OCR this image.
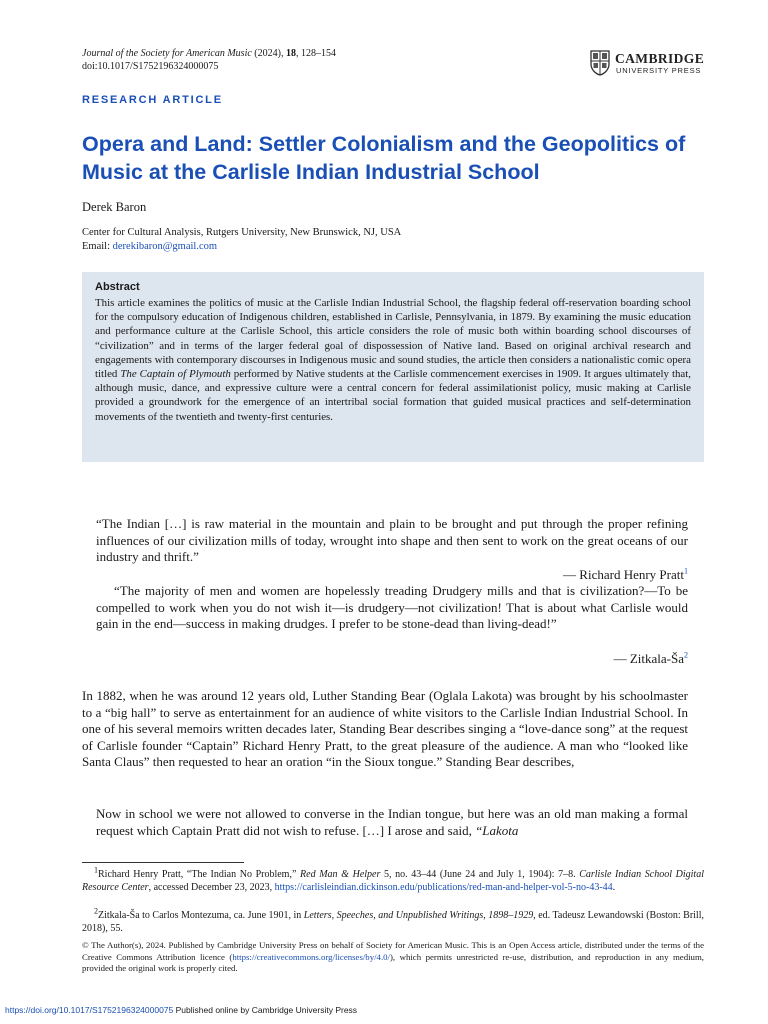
Journal of the Society for American Music (2024), 18, 128–154
doi:10.1017/S1752196324000075
CAMBRIDGE
UNIVERSITY PRESS
RESEARCH ARTICLE
Opera and Land: Settler Colonialism and the Geopolitics of Music at the Carlisle Indian Industrial School
Derek Baron
Center for Cultural Analysis, Rutgers University, New Brunswick, NJ, USA
Email: derekibaron@gmail.com
Abstract
This article examines the politics of music at the Carlisle Indian Industrial School, the flagship federal off-reservation boarding school for the compulsory education of Indigenous children, established in Carlisle, Pennsylvania, in 1879. By examining the music education and performance culture at the Carlisle School, this article considers the role of music both within boarding school discourses of “civilization” and in terms of the larger federal goal of dispossession of Native land. Based on original archival research and engagements with contemporary discourses in Indigenous music and sound studies, the article then considers a nationalistic comic opera titled The Captain of Plymouth performed by Native students at the Carlisle commencement exercises in 1909. It argues ultimately that, although music, dance, and expressive culture were a central concern for federal assimilationist policy, music making at Carlisle provided a groundwork for the emergence of an intertribal social formation that guided musical practices and self-determination movements of the twentieth and twenty-first centuries.
“The Indian […] is raw material in the mountain and plain to be brought and put through the proper refining influences of our civilization mills of today, wrought into shape and then sent to work on the great oceans of our industry and thrift.”
— Richard Henry Pratt$^1$
“The majority of men and women are hopelessly treading Drudgery mills and that is civilization?—To be compelled to work when you do not wish it—is drudgery—not civilization! That is about what Carlisle would gain in the end—success in making drudges. I prefer to be stone-dead than living-dead!”
— Zitkala-$Ša^2$
In 1882, when he was around 12 years old, Luther Standing Bear (Oglala Lakota) was brought by his schoolmaster to a “big hall” to serve as entertainment for an audience of white visitors to the Carlisle Indian Industrial School. In one of his several memoirs written decades later, Standing Bear describes singing a “love-dance song” at the request of Carlisle founder “Captain” Richard Henry Pratt, to the great pleasure of the audience. A man who “looked like Santa Claus” then requested to hear an oration “in the Sioux tongue.” Standing Bear describes,
Now in school we were not allowed to converse in the Indian tongue, but here was an old man making a formal request which Captain Pratt did not wish to refuse. […] I arose and said, “Lakota
$^1$Richard Henry Pratt, “The Indian No Problem,” Red Man & Helper 5, no. 43–44 (June 24 and July 1, 1904): 7–8. Carlisle Indian School Digital Resource Center, accessed December 23, 2023, https://carlisleindian.dickinson.edu/publications/red-man-and-helper-vol-5-no-43-44.
$^2$Zitkala-Ša to Carlos Montezuma, ca. June 1901, in Letters, Speeches, and Unpublished Writings, 1898–1929, ed. Tadeusz Lewandowski (Boston: Brill, 2018), 55.
© The Author(s), 2024. Published by Cambridge University Press on behalf of Society for American Music. This is an Open Access article, distributed under the terms of the Creative Commons Attribution licence (https://creativecommons.org/licenses/by/4.0/), which permits unrestricted re-use, distribution, and reproduction in any medium, provided the original work is properly cited.
https://doi.org/10.1017/S1752196324000075 Published online by Cambridge University Press
